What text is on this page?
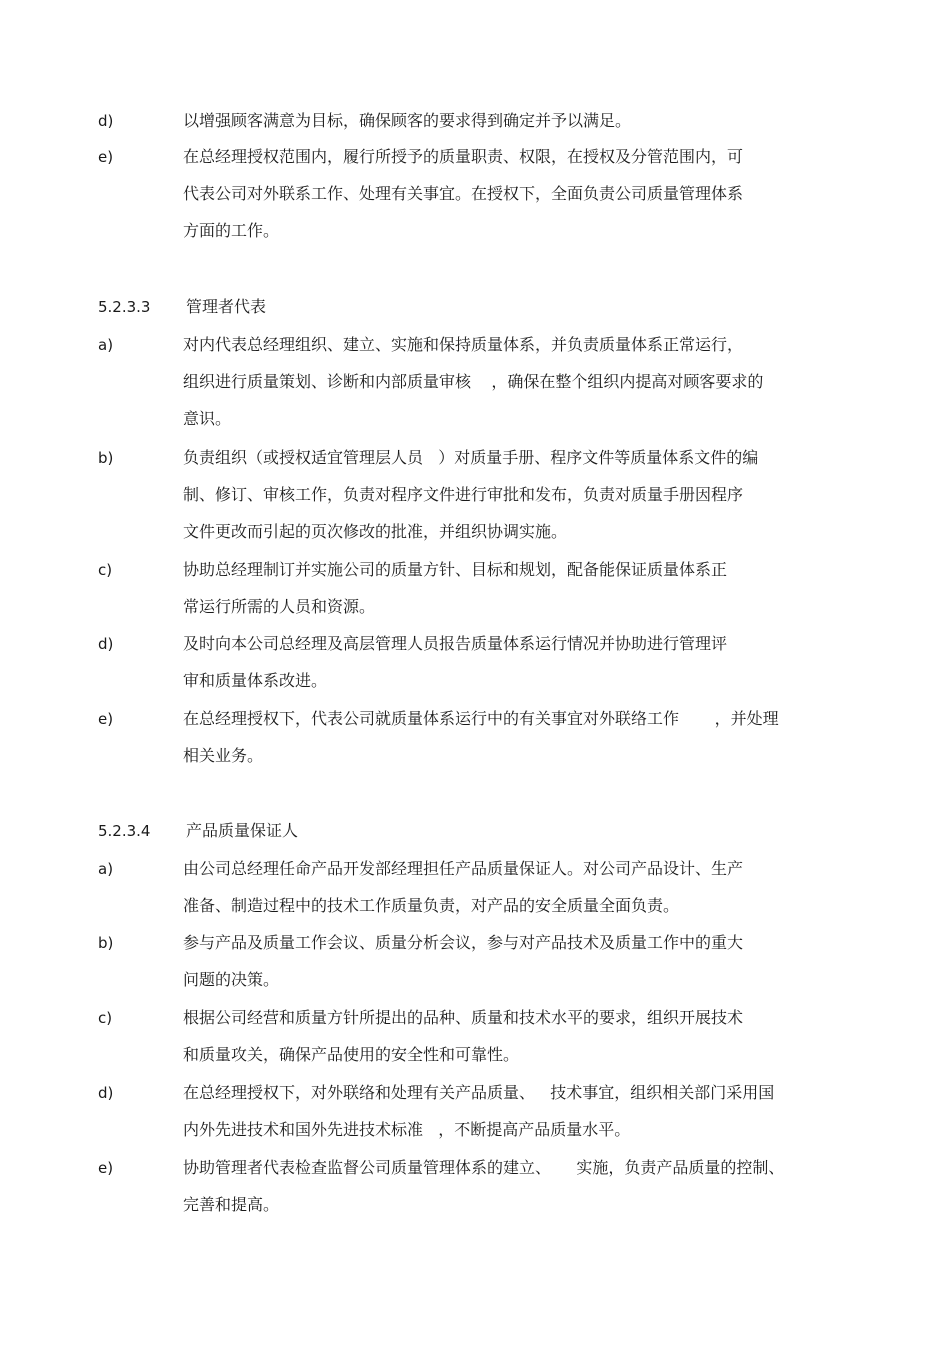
d)	以增强顾客满意为目标，确保顾客的要求得到确定并予以满足。
e)	在总经理授权范围内，履行所授予的质量职责、权限，在授权及分管范围内，可
代表公司对外联系工作、处理有关事宜。在授权下，全面负责公司质量管理体系
方面的工作。
5.2.3.3 管理者代表
a)	对内代表总经理组织、建立、实施和保持质量体系，并负责质量体系正常运行，
组织进行质量策划、诊断和内部质量审核    ，确保在整个组织内提高对顾客要求的
意识。
b)	负责组织（或授权适宜管理层人员   ）对质量手册、程序文件等质量体系文件的编
制、修订、审核工作，负责对程序文件进行审批和发布，负责对质量手册因程序
文件更改而引起的页次修改的批准，并组织协调实施。
c)	协助总经理制订并实施公司的质量方针、目标和规划，配备能保证质量体系正
常运行所需的人员和资源。
d)	及时向本公司总经理及高层管理人员报告质量体系运行情况并协助进行管理评
审和质量体系改进。
e)	在总经理授权下，代表公司就质量体系运行中的有关事宜对外联络工作       ，并处理
相关业务。
5.2.3.4 产品质量保证人
a)	由公司总经理任命产品开发部经理担任产品质量保证人。对公司产品设计、生产
准备、制造过程中的技术工作质量负责，对产品的安全质量全面负责。
b)	参与产品及质量工作会议、质量分析会议，参与对产品技术及质量工作中的重大
问题的决策。
c)	根据公司经营和质量方针所提出的品种、质量和技术水平的要求，组织开展技术
和质量攻关，确保产品使用的安全性和可靠性。
d)	在总经理授权下，对外联络和处理有关产品质量、   技术事宜，组织相关部门采用国
内外先进技术和国外先进技术标准   ，不断提高产品质量水平。
e)	协助管理者代表检查监督公司质量管理体系的建立、     实施，负责产品质量的控制、
完善和提高。
